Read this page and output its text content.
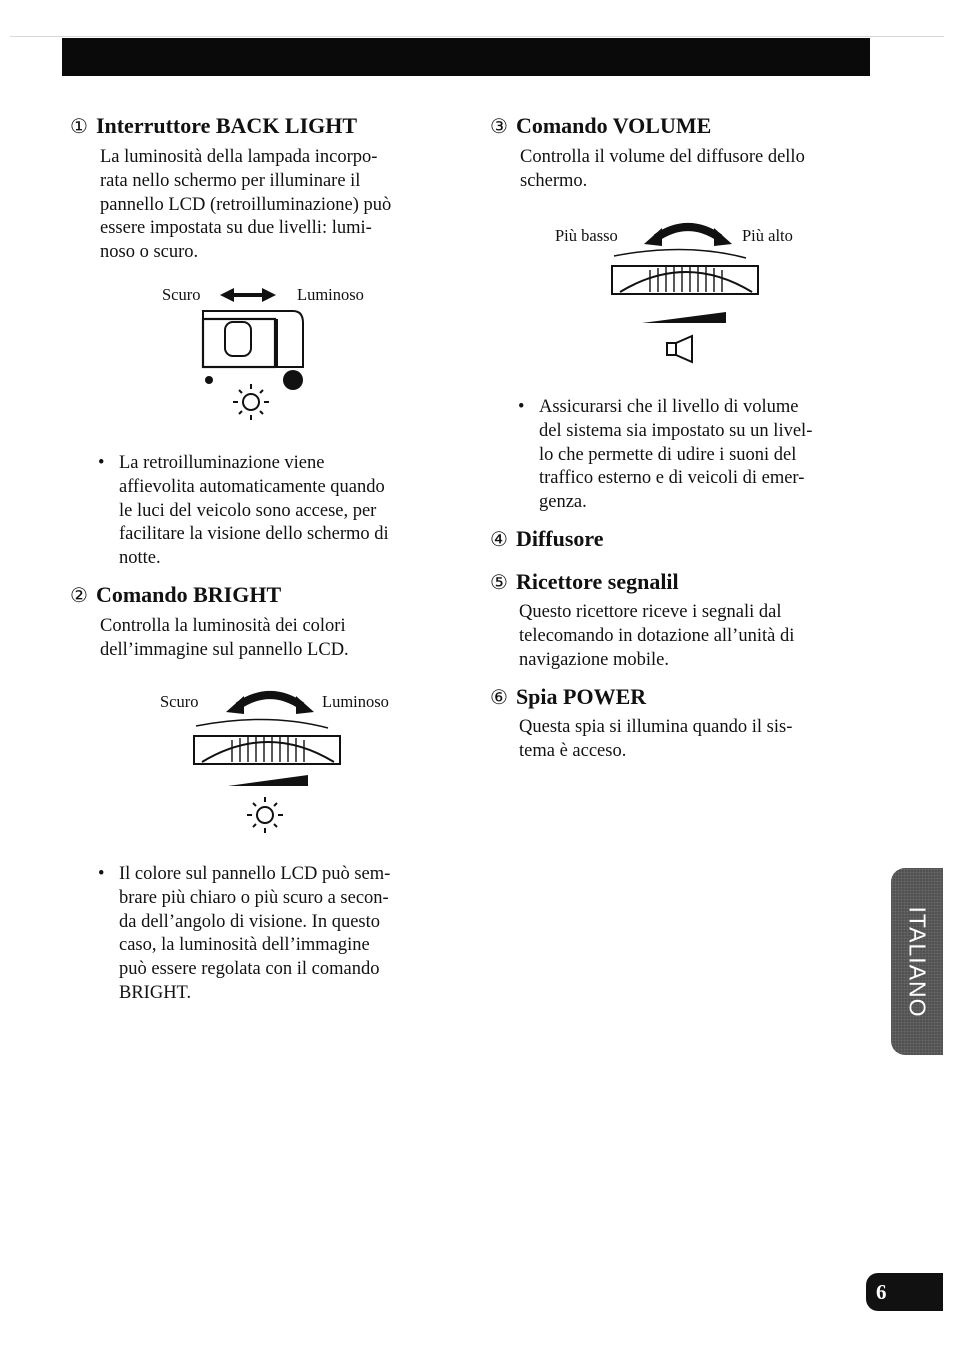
① Interruttore BACK LIGHT
La luminosità della lampada incorpo-
rata nello schermo per illuminare il
pannello LCD (retroilluminazione) può
essere impostata su due livelli: lumi-
noso o scuro.
Scuro	Luminoso
• La retroilluminazione viene
affievolita automaticamente quando
le luci del veicolo sono accese, per
facilitare la visione dello schermo di
notte.
② Comando BRIGHT
Controlla la luminosità dei colori
dell’immagine sul pannello LCD.
Scuro	Luminoso
• Il colore sul pannello LCD può sem-
brare più chiaro o più scuro a secon-
da dell’angolo di visione. In questo
caso, la luminosità dell’immagine
può essere regolata con il comando
BRIGHT.
③ Comando VOLUME
Controlla il volume del diffusore dello
schermo.
Più basso	Più alto
• Assicurarsi che il livello di volume
del sistema sia impostato su un livel-
lo che permette di udire i suoni del
traffico esterno e di veicoli di emer-
genza.
④ Diffusore
⑤ Ricettore segnalil
Questo ricettore riceve i segnali dal
telecomando in dotazione all’unità di
navigazione mobile.
⑥ Spia POWER
Questa spia si illumina quando il sis-
tema è acceso.
ITALIANO
6
